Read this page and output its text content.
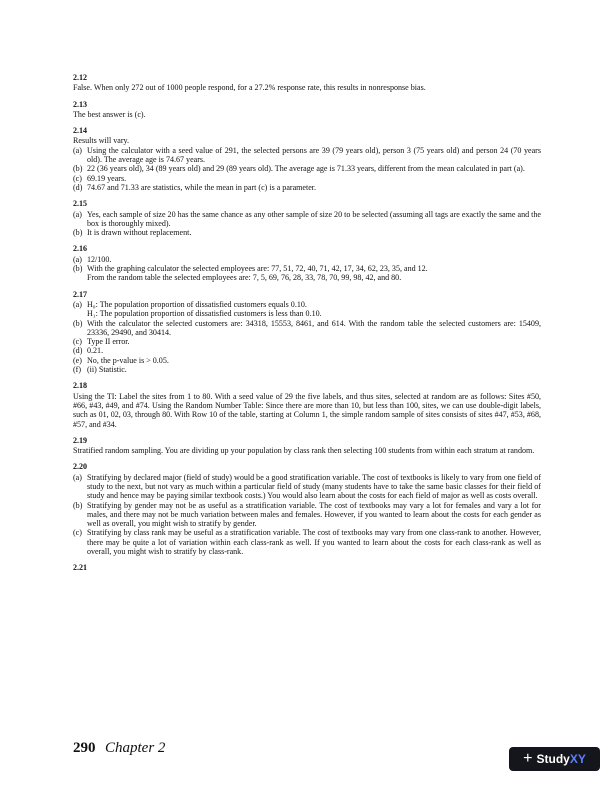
2.12

False. When only 272 out of 1000 people respond, for a 27.2% response rate, this results in nonresponse bias.

2.13

The best answer is (c).

2.14

Results will vary.

(a) Using the calculator with a seed value of 291, the selected persons are 39 (79 years old), person 3 (75 years old) and person 24 (70 years old). The average age is 74.67 years.
(b) 22 (36 years old), 34 (89 years old) and 29 (89 years old). The average age is 71.33 years, different from the mean calculated in part (a).
(c) 69.19 years.
(d) 74.67 and 71.33 are statistics, while the mean in part (c) is a parameter.
2.15
(a) Yes, each sample of size 20 has the same chance as any other sample of size 20 to be selected (assuming all tags are exactly the same and the box is thoroughly mixed).
(b) It is drawn without replacement.
2.16
(a) 12/100.
(b) With the graphing calculator the selected employees are: 77, 51, 72, 40, 71, 42, 17, 34, 62, 23, 35, and 12.
From the random table the selected employees are: 7, 5, 69, 76, 28, 33, 78, 70, 99, 98, 42, and 80.
2.17
(a) H₀: The population proportion of dissatisfied customers equals 0.10.
H₁: The population proportion of dissatisfied customers is less than 0.10.
(b) With the calculator the selected customers are: 34318, 15553, 8461, and 614. With the random table the selected customers are: 15409, 23336, 29490, and 30414.
(c) Type II error.
(d) 0.21.
(e) No, the p-value is > 0.05.
(f) (ii) Statistic.
2.18

Using the TI: Label the sites from 1 to 80. With a seed value of 29 the five labels, and thus sites, selected at random are as follows: Sites #50, #66, #43, #49, and #74. Using the Random Number Table: Since there are more than 10, but less than 100, sites, we can use double-digit labels, such as 01, 02, 03, through 80. With Row 10 of the table, starting at Column 1, the simple random sample of sites consists of sites #47, #53, #68, #57, and #34.

2.19

Stratified random sampling. You are dividing up your population by class rank then selecting 100 students from within each stratum at random.

2.20
(a) Stratifying by declared major (field of study) would be a good stratification variable. The cost of textbooks is likely to vary from one field of study to the next, but not vary as much within a particular field of study (many students have to take the same basic classes for their field of study and hence may be paying similar textbook costs.) You would also learn about the costs for each field of major as well as costs overall.
(b) Stratifying by gender may not be as useful as a stratification variable. The cost of textbooks may vary a lot for females and vary a lot for males, and there may not be much variation between males and females. However, if you wanted to learn about the costs for each gender as well as overall, you might wish to stratify by gender.
(c) Stratifying by class rank may be useful as a stratification variable. The cost of textbooks may vary from one class-rank to another. However, there may be quite a lot of variation within each class-rank as well. If you wanted to learn about the costs for each class-rank as well as overall, you might wish to stratify by class-rank.
2.21
290 Chapter 2
+ Study XY
